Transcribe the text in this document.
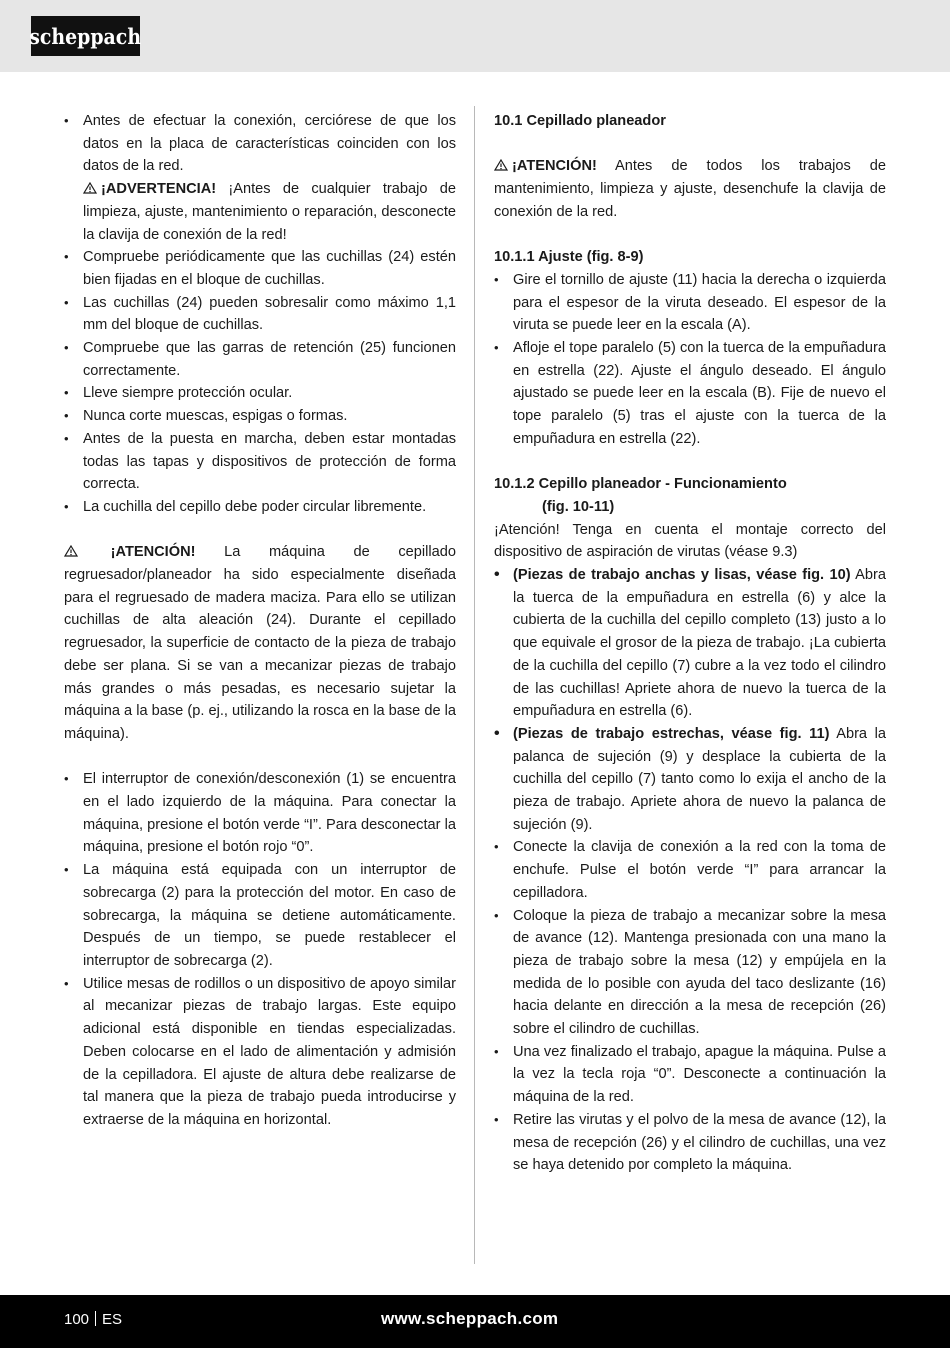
scheppach
• Antes de efectuar la conexión, cerciórese de que los datos en la placa de características coinciden con los datos de la red.
¡ADVERTENCIA! ¡Antes de cualquier trabajo de limpieza, ajuste, mantenimiento o reparación, desconecte la clavija de conexión de la red!
• Compruebe periódicamente que las cuchillas (24) estén bien fijadas en el bloque de cuchillas.
• Las cuchillas (24) pueden sobresalir como máximo 1,1 mm del bloque de cuchillas.
• Compruebe que las garras de retención (25) funcionen correctamente.
• Lleve siempre protección ocular.
• Nunca corte muescas, espigas o formas.
• Antes de la puesta en marcha, deben estar montadas todas las tapas y dispositivos de protección de forma correcta.
• La cuchilla del cepillo debe poder circular libremente.

¡ATENCIÓN! La máquina de cepillado regruesador/planeador ha sido especialmente diseñada para el regruesado de madera maciza. Para ello se utilizan cuchillas de alta aleación (24). Durante el cepillado regruesador, la superficie de contacto de la pieza de trabajo debe ser plana. Si se van a mecanizar piezas de trabajo más grandes o más pesadas, es necesario sujetar la máquina a la base (p. ej., utilizando la rosca en la base de la máquina).

• El interruptor de conexión/desconexión (1) se encuentra en el lado izquierdo de la máquina. Para conectar la máquina, presione el botón verde “I”. Para desconectar la máquina, presione el botón rojo “0”.
• La máquina está equipada con un interruptor de sobrecarga (2) para la protección del motor. En caso de sobrecarga, la máquina se detiene automáticamente. Después de un tiempo, se puede restablecer el interruptor de sobrecarga (2).
• Utilice mesas de rodillos o un dispositivo de apoyo similar al mecanizar piezas de trabajo largas. Este equipo adicional está disponible en tiendas especializadas. Deben colocarse en el lado de alimentación y admisión de la cepilladora. El ajuste de altura debe realizarse de tal manera que la pieza de trabajo pueda introducirse y extraerse de la máquina en horizontal.
10.1 Cepillado planeador

¡ATENCIÓN! Antes de todos los trabajos de mantenimiento, limpieza y ajuste, desenchufe la clavija de conexión de la red.

10.1.1 Ajuste (fig. 8-9)
• Gire el tornillo de ajuste (11) hacia la derecha o izquierda para el espesor de la viruta deseado. El espesor de la viruta se puede leer en la escala (A).
• Afloje el tope paralelo (5) con la tuerca de la empuñadura en estrella (22). Ajuste el ángulo deseado. El ángulo ajustado se puede leer en la escala (B). Fije de nuevo el tope paralelo (5) tras el ajuste con la tuerca de la empuñadura en estrella (22).
10.1.2 Cepillo planeador - Funcionamiento
(fig. 10-11)

¡Atención! Tenga en cuenta el montaje correcto del dispositivo de aspiración de virutas (véase 9.3)

• (Piezas de trabajo anchas y lisas, véase fig. 10) Abra la tuerca de la empuñadura en estrella (6) y alce la cubierta de la cuchilla del cepillo completo (13) justo a lo que equivale el grosor de la pieza de trabajo. ¡La cubierta de la cuchilla del cepillo (7) cubre a la vez todo el cilindro de las cuchillas! Apriete ahora de nuevo la tuerca de la empuñadura en estrella (6).
• (Piezas de trabajo estrechas, véase fig. 11) Abra la palanca de sujeción (9) y desplace la cubierta de la cuchilla del cepillo (7) tanto como lo exija el ancho de la pieza de trabajo. Apriete ahora de nuevo la palanca de sujeción (9).
• Conecte la clavija de conexión a la red con la toma de enchufe. Pulse el botón verde “I” para arrancar la cepilladora.
• Coloque la pieza de trabajo a mecanizar sobre la mesa de avance (12). Mantenga presionada con una mano la pieza de trabajo sobre la mesa (12) y empújela en la medida de lo posible con ayuda del taco deslizante (16) hacia delante en dirección a la mesa de recepción (26) sobre el cilindro de cuchillas.
• Una vez finalizado el trabajo, apague la máquina. Pulse a la vez la tecla roja “0”. Desconecte a continuación la máquina de la red.
• Retire las virutas y el polvo de la mesa de avance (12), la mesa de recepción (26) y el cilindro de cuchillas, una vez se haya detenido por completo la máquina.
100 ES	www.scheppach.com
